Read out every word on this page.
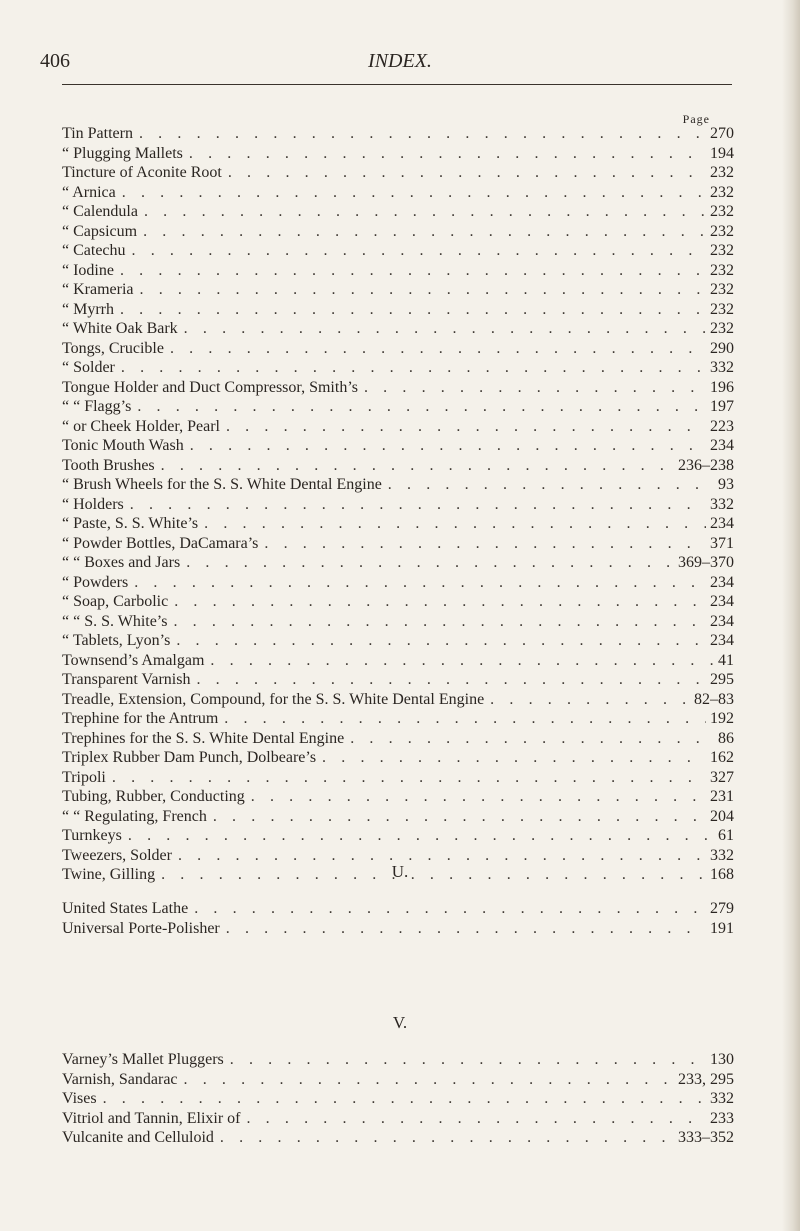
406	INDEX.
Page
Tin Pattern . . .	270
“ Plugging Mallets . . .	194
Tincture of Aconite Root . . .	232
“ Arnica . . .	232
“ Calendula . . .	232
“ Capsicum . . .	232
“ Catechu . . .	232
“ Iodine . . .	232
“ Krameria . . .	232
“ Myrrh . . .	232
“ White Oak Bark . . .	232
Tongs, Crucible . . .	290
“ Solder . . .	332
Tongue Holder and Duct Compressor, Smith’s . . .	196
“ “ Flagg’s . . .	197
“ or Cheek Holder, Pearl . . .	223
Tonic Mouth Wash . . .	234
Tooth Brushes . . .	236–238
“ Brush Wheels for the S. S. White Dental Engine . . .	93
“ Holders . . .	332
“ Paste, S. S. White’s . . .	234
“ Powder Bottles, DaCamara’s . . .	371
“ “ Boxes and Jars . . .	369–370
“ Powders . . .	234
“ Soap, Carbolic . . .	234
“ “ S. S. White’s . . .	234
“ Tablets, Lyon’s . . .	234
Townsend’s Amalgam . . .	41
Transparent Varnish . . .	295
Treadle, Extension, Compound, for the S. S. White Dental Engine . . .	82–83
Trephine for the Antrum . . .	192
Trephines for the S. S. White Dental Engine . . .	86
Triplex Rubber Dam Punch, Dolbeare’s . . .	162
Tripoli . . .	327
Tubing, Rubber, Conducting . . .	231
“ “ Regulating, French . . .	204
Turnkeys . . .	61
Tweezers, Solder . . .	332
Twine, Gilling . . .	168
U.
United States Lathe . . .	279
Universal Porte-Polisher . . .	191
V.
Varney’s Mallet Pluggers . . .	130
Varnish, Sandarac . . .	233, 295
Vises . . .	332
Vitriol and Tannin, Elixir of . . .	233
Vulcanite and Celluloid . . .	333–352
